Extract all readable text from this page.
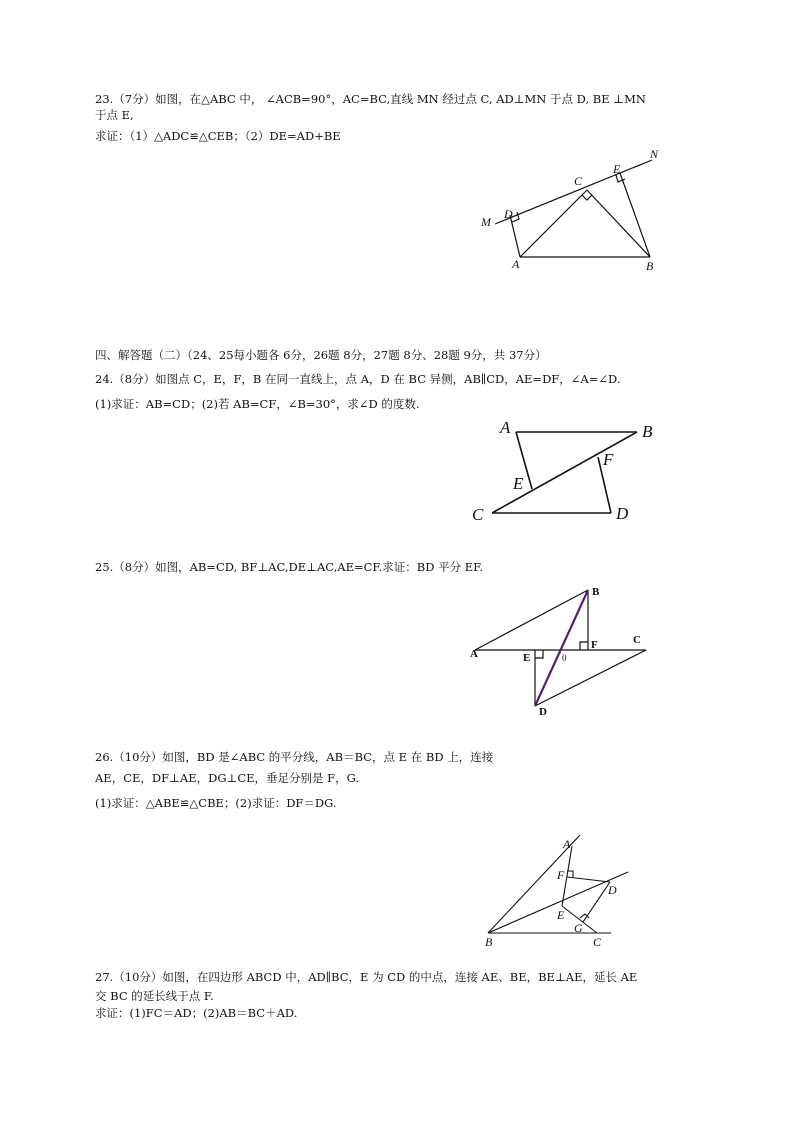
23.（7分）如图，在△ABC 中， ∠ACB=90°，AC=BC,直线 MN 经过点 C, AD⊥MN 于点 D, BE ⊥MN

于点 E,

求证：（1）△ADC≌△CEB；（2）DE=AD+BE

M
D
C
E
N
A	B

四、解答题（二）（24、25每小题各 6分，26题 8分，27题 8分、28题 9分，共 37分）

24.（8分）如图点 C，E，F，B 在同一直线上，点 A，D 在 BC 异侧，AB∥CD，AE=DF，∠A=∠D.

(1)求证：AB=CD；(2)若 AB=CF，∠B=30°，求∠D 的度数.

A	B
F
E
C	D

25.（8分）如图，AB=CD, BF⊥AC,DE⊥AC,AE=CF.求证：BD 平分 EF.

B
C
A	E
F
D
0

26.（10分）如图，BD 是∠ABC 的平分线，AB＝BC，点 E 在 BD 上，连接

AE，CE，DF⊥AE，DG⊥CE，垂足分别是 F，G.

(1)求证：△ABE≌△CBE；(2)求证：DF＝DG.

A
F
D
E
G
B	C

27.（10分）如图，在四边形 ABCD 中，AD∥BC，E 为 CD 的中点，连接 AE、BE，BE⊥AE，延长 AE

交 BC 的延长线于点 F.

求证：(1)FC＝AD；(2)AB＝BC＋AD.
